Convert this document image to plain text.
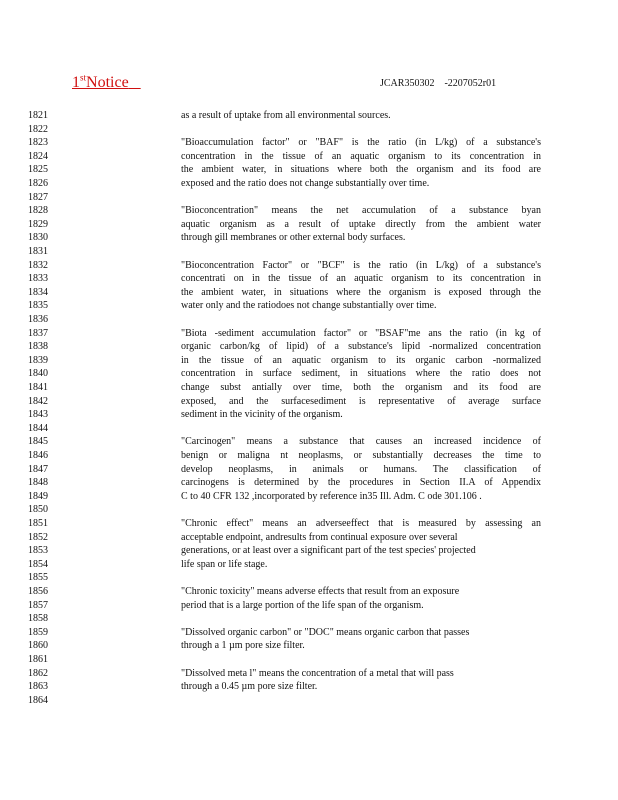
1stNotice	JCAR350302    -2207052r01
1821	as a result of uptake from all environmental sources.
1822
1823	"Bioaccumulation factor" or "BAF" is the ratio (in L/kg) of a substance's
1824	concentration in the tissue of an aquatic organism to its concentration in
1825	the ambient water, in situations where both the organism and its food are
1826	exposed and the ratio does not change substantially over time.
1827
1828	"Bioconcentration" means the net accumulation of a substance byan
1829	aquatic organism as a result of uptake directly from the ambient water
1830	through gill membranes or other external body surfaces.
1831
1832	"Bioconcentration Factor" or "BCF" is the ratio (in L/kg) of a substance's
1833	concentrati on in the tissue of an aquatic organism to its concentration in
1834	the ambient water, in situations where the organism is exposed through the
1835	water only and the ratiodoes not change substantially over time.
1836
1837	"Biota -sediment accumulation factor" or "BSAF"me ans the ratio (in kg of
1838	organic carbon/kg of lipid) of a substance's lipid -normalized concentration
1839	in the tissue of an aquatic organism to its organic carbon -normalized
1840	concentration in surface sediment, in situations where the ratio does not
1841	change subst antially over time, both the organism and its food are
1842	exposed, and the surfacesediment is representative of average surface
1843	sediment in the vicinity of the organism.
1844
1845	"Carcinogen" means a substance that causes an increased incidence of
1846	benign or maligna nt neoplasms, or substantially decreases the time to
1847	develop neoplasms, in animals or humans. The classification of
1848	carcinogens is determined by the procedures in Section II.A of Appendix
1849	C to 40 CFR 132 ,incorporated by reference in35 Ill. Adm. C ode 301.106 .
1850
1851	"Chronic effect" means an adverseeffect that is measured by assessing an
1852	acceptable endpoint, andresults from continual exposure over several
1853	generations, or at least over a significant part of the test species' projected
1854	life span or life stage.
1855
1856	"Chronic toxicity" means adverse effects that result from an exposure
1857	period that is a large portion of the life span of the organism.
1858
1859	"Dissolved organic carbon" or "DOC" means organic carbon that passes
1860	through a 1 µm pore size filter.
1861
1862	"Dissolved meta l" means the concentration of a metal that will pass
1863	through a 0.45 µm pore size filter.
1864
